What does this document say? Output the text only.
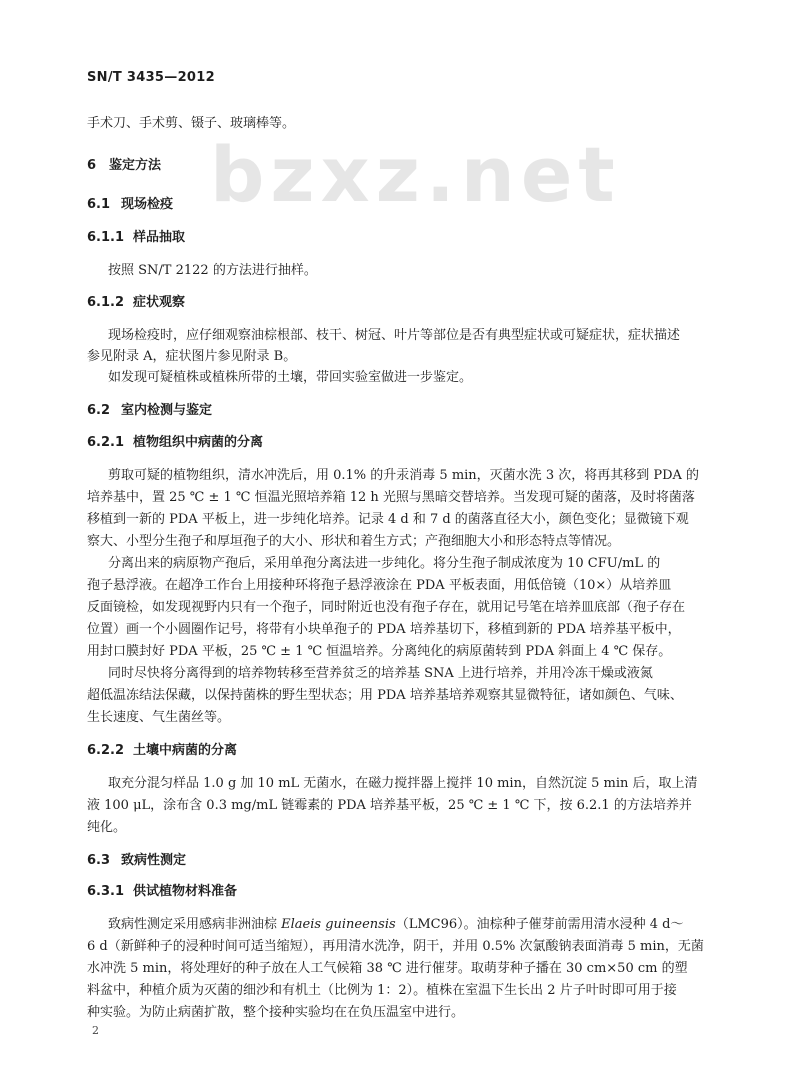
bzxz.net
SN/T 3435—2012
手术刀、手术剪、镊子、玻璃棒等。
6 鉴定方法
6.1 现场检疫
6.1.1 样品抽取
按照 SN/T 2122 的方法进行抽样。
6.1.2 症状观察
现场检疫时，应仔细观察油棕根部、枝干、树冠、叶片等部位是否有典型症状或可疑症状，症状描述
参见附录 A，症状图片参见附录 B。
如发现可疑植株或植株所带的土壤，带回实验室做进一步鉴定。
6.2 室内检测与鉴定
6.2.1 植物组织中病菌的分离
剪取可疑的植物组织，清水冲洗后，用 0.1% 的升汞消毒 5 min，灭菌水洗 3 次，将再其移到 PDA 的
培养基中，置 25 ℃ ± 1 ℃ 恒温光照培养箱 12 h 光照与黑暗交替培养。当发现可疑的菌落，及时将菌落
移植到一新的 PDA 平板上，进一步纯化培养。记录 4 d 和 7 d 的菌落直径大小，颜色变化；显微镜下观
察大、小型分生孢子和厚垣孢子的大小、形状和着生方式；产孢细胞大小和形态特点等情况。
分离出来的病原物产孢后，采用单孢分离法进一步纯化。将分生孢子制成浓度为 10 CFU/mL 的
孢子悬浮液。在超净工作台上用接种环将孢子悬浮液涂在 PDA 平板表面，用低倍镜（10×）从培养皿
反面镜检，如发现视野内只有一个孢子，同时附近也没有孢子存在，就用记号笔在培养皿底部（孢子存在
位置）画一个小圆圈作记号，将带有小块单孢子的 PDA 培养基切下，移植到新的 PDA 培养基平板中，
用封口膜封好 PDA 平板，25 ℃ ± 1 ℃ 恒温培养。分离纯化的病原菌转到 PDA 斜面上 4 ℃ 保存。
同时尽快将分离得到的培养物转移至营养贫乏的培养基 SNA 上进行培养，并用冷冻干燥或液氮
超低温冻结法保藏，以保持菌株的野生型状态；用 PDA 培养基培养观察其显微特征，诸如颜色、气味、
生长速度、气生菌丝等。
6.2.2 土壤中病菌的分离
取充分混匀样品 1.0 g 加 10 mL 无菌水，在磁力搅拌器上搅拌 10 min，自然沉淀 5 min 后，取上清
液 100 μL，涂布含 0.3 mg/mL 链霉素的 PDA 培养基平板，25 ℃ ± 1 ℃ 下，按 6.2.1 的方法培养并
纯化。
6.3 致病性测定
6.3.1 供试植物材料准备
致病性测定采用感病非洲油棕 Elaeis guineensis（LMC96）。油棕种子催芽前需用清水浸种 4 d～
6 d（新鲜种子的浸种时间可适当缩短），再用清水洗净，阴干，并用 0.5% 次氯酸钠表面消毒 5 min，无菌
水冲洗 5 min，将处理好的种子放在人工气候箱 38 ℃ 进行催芽。取萌芽种子播在 30 cm×50 cm 的塑
料盆中，种植介质为灭菌的细沙和有机土（比例为 1：2）。植株在室温下生长出 2 片子叶时即可用于接
种实验。为防止病菌扩散，整个接种实验均在在负压温室中进行。
2
